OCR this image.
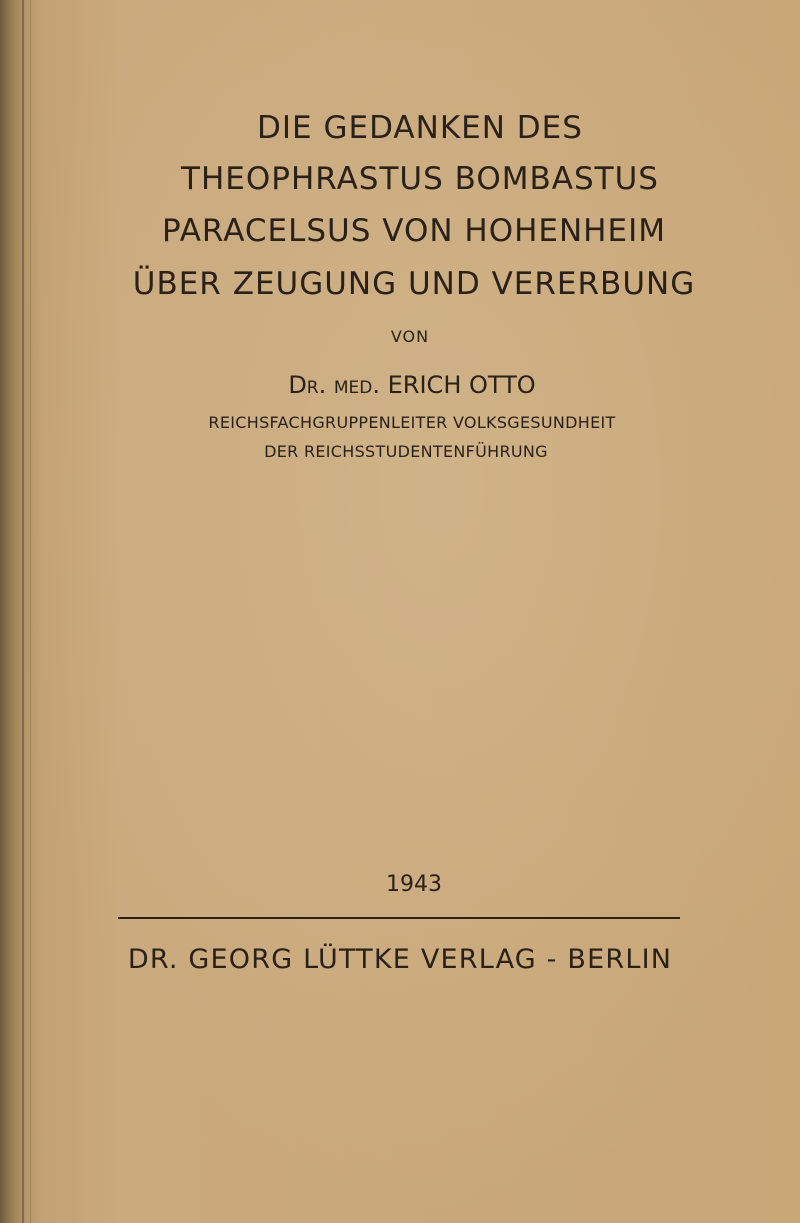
DIE GEDANKEN DES
THEOPHRASTUS BOMBASTUS
PARACELSUS VON HOHENHEIM
ÜBER ZEUGUNG UND VERERBUNG
VON
Dr. med. ERICH OTTO
REICHSFACHGRUPPENLEITER VOLKSGESUNDHEIT
DER REICHSSTUDENTENFÜHRUNG
1943
DR. GEORG LÜTTKE VERLAG - BERLIN
